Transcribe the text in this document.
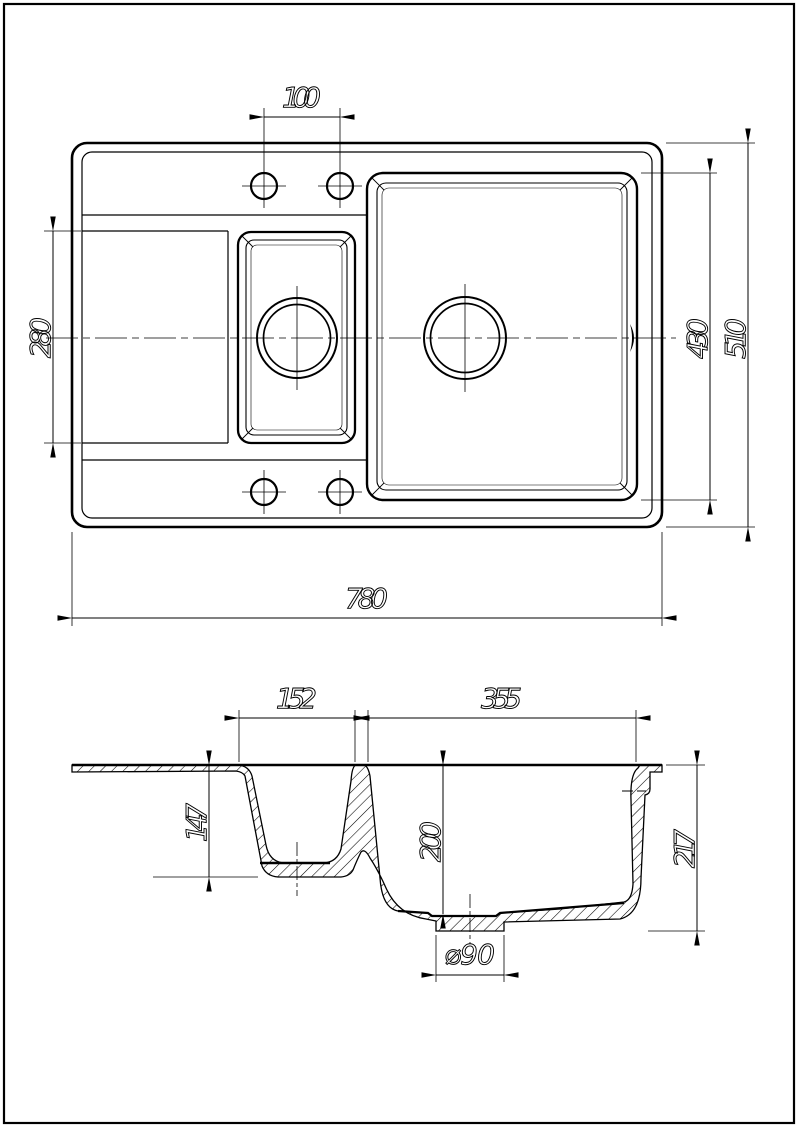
100
280
430
510
780
152	355
147
200
217
⌀90
